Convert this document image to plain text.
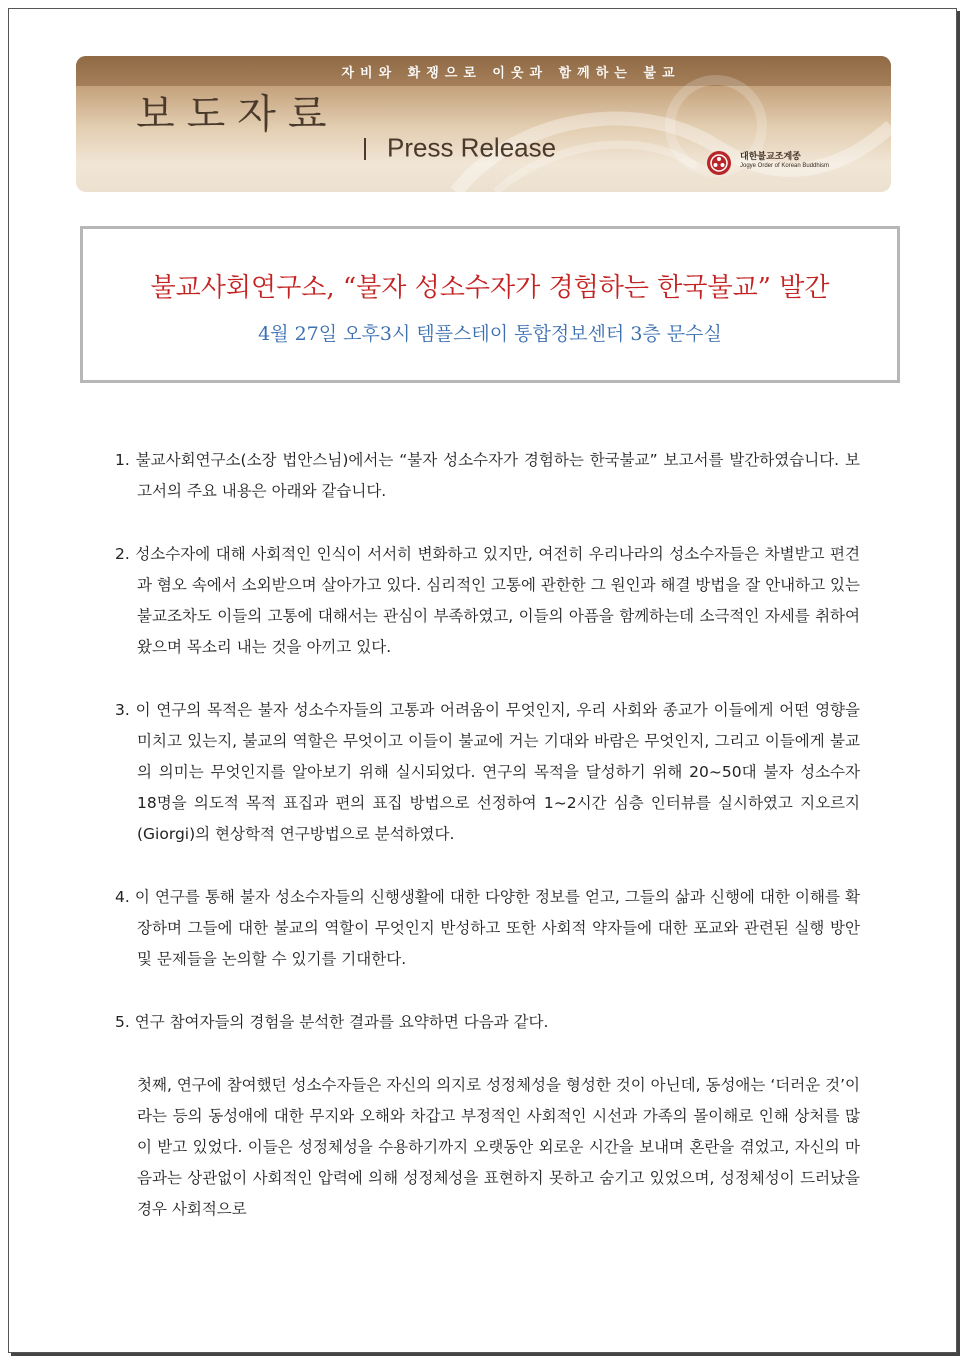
자비와 화쟁으로 이웃과 함께하는 불교
보도자료
Press Release	대한불교조계종
Jogye Order of Korean Buddhism
불교사회연구소, “불자 성소수자가 경험하는 한국불교” 발간
4월 27일 오후3시 템플스테이 통합정보센터 3층 문수실

1. 불교사회연구소(소장 법안스님)에서는 “불자 성소수자가 경험하는 한국불교” 보고서를 발간하였습니다. 보고서의 주요 내용은 아래와 같습니다.

2. 성소수자에 대해 사회적인 인식이 서서히 변화하고 있지만, 여전히 우리나라의 성소수자들은 차별받고 편견과 혐오 속에서 소외받으며 살아가고 있다. 심리적인 고통에 관한한 그 원인과 해결 방법을 잘 안내하고 있는 불교조차도 이들의 고통에 대해서는 관심이 부족하였고, 이들의 아픔을 함께하는데 소극적인 자세를 취하여 왔으며 목소리 내는 것을 아끼고 있다.

3. 이 연구의 목적은 불자 성소수자들의 고통과 어려움이 무엇인지, 우리 사회와 종교가 이들에게 어떤 영향을 미치고 있는지, 불교의 역할은 무엇이고 이들이 불교에 거는 기대와 바람은 무엇인지, 그리고 이들에게 불교의 의미는 무엇인지를 알아보기 위해 실시되었다. 연구의 목적을 달성하기 위해 20~50대 불자 성소수자 18명을 의도적 목적 표집과 편의 표집 방법으로 선정하여 1~2시간 심층 인터뷰를 실시하였고 지오르지(Giorgi)의 현상학적 연구방법으로 분석하였다.

4. 이 연구를 통해 불자 성소수자들의 신행생활에 대한 다양한 정보를 얻고, 그들의 삶과 신행에 대한 이해를 확장하며 그들에 대한 불교의 역할이 무엇인지 반성하고 또한 사회적 약자들에 대한 포교와 관련된 실행 방안 및 문제들을 논의할 수 있기를 기대한다.

5. 연구 참여자들의 경험을 분석한 결과를 요약하면 다음과 같다.

첫째, 연구에 참여했던 성소수자들은 자신의 의지로 성정체성을 형성한 것이 아닌데, 동성애는 ‘더러운 것’이라는 등의 동성애에 대한 무지와 오해와 차갑고 부정적인 사회적인 시선과 가족의 몰이해로 인해 상처를 많이 받고 있었다. 이들은 성정체성을 수용하기까지 오랫동안 외로운 시간을 보내며 혼란을 겪었고, 자신의 마음과는 상관없이 사회적인 압력에 의해 성정체성을 표현하지 못하고 숨기고 있었으며, 성정체성이 드러났을 경우 사회적으로
